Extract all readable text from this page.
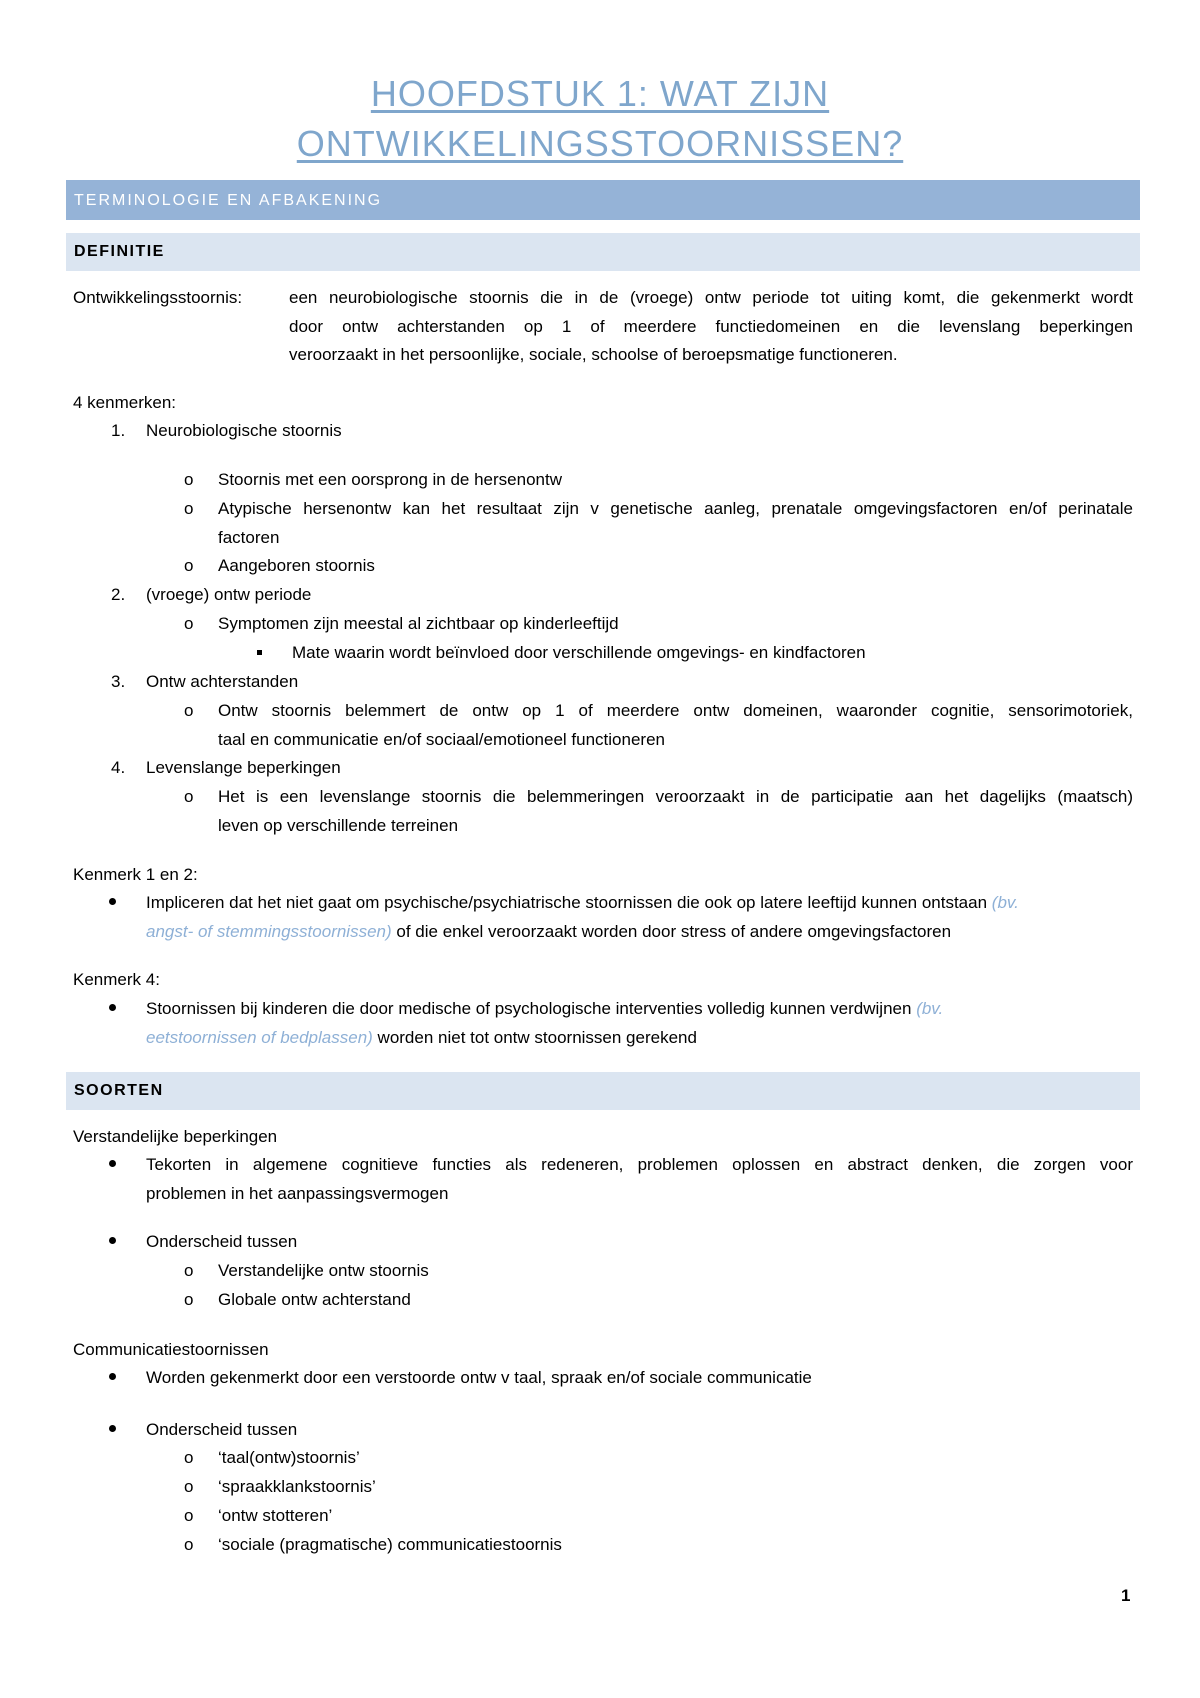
HOOFDSTUK 1: WAT ZIJN
ONTWIKKELINGSSTOORNISSEN?
TERMINOLOGIE EN AFBAKENING
DEFINITIE
Ontwikkelingsstoornis:	een neurobiologische stoornis die in de (vroege) ontw periode tot uiting komt, die gekenmerkt wordt
door ontw achterstanden op 1 of meerdere functiedomeinen en die levenslang beperkingen
veroorzaakt in het persoonlijke, sociale, schoolse of beroepsmatige functioneren.
4 kenmerken:
1. Neurobiologische stoornis
o Stoornis met een oorsprong in de hersenontw
o Atypische hersenontw kan het resultaat zijn v genetische aanleg, prenatale omgevingsfactoren en/of perinatale
factoren
o Aangeboren stoornis
2. (vroege) ontw periode
o Symptomen zijn meestal al zichtbaar op kinderleeftijd
Mate waarin wordt beïnvloed door verschillende omgevings- en kindfactoren
3. Ontw achterstanden
o Ontw stoornis belemmert de ontw op 1 of meerdere ontw domeinen, waaronder cognitie, sensorimotoriek,
taal en communicatie en/of sociaal/emotioneel functioneren
4. Levenslange beperkingen
o Het is een levenslange stoornis die belemmeringen veroorzaakt in de participatie aan het dagelijks (maatsch)
leven op verschillende terreinen
Kenmerk 1 en 2:
Impliceren dat het niet gaat om psychische/psychiatrische stoornissen die ook op latere leeftijd kunnen ontstaan (bv.
angst- of stemmingsstoornissen) of die enkel veroorzaakt worden door stress of andere omgevingsfactoren
Kenmerk 4:
Stoornissen bij kinderen die door medische of psychologische interventies volledig kunnen verdwijnen (bv.
eetstoornissen of bedplassen) worden niet tot ontw stoornissen gerekend
SOORTEN
Verstandelijke beperkingen
Tekorten in algemene cognitieve functies als redeneren, problemen oplossen en abstract denken, die zorgen voor
problemen in het aanpassingsvermogen
Onderscheid tussen
o Verstandelijke ontw stoornis
o Globale ontw achterstand
Communicatiestoornissen
Worden gekenmerkt door een verstoorde ontw v taal, spraak en/of sociale communicatie
Onderscheid tussen
o ‘taal(ontw)stoornis’
o ‘spraakklankstoornis’
o ‘ontw stotteren’
o ‘sociale (pragmatische) communicatiestoornis
1
